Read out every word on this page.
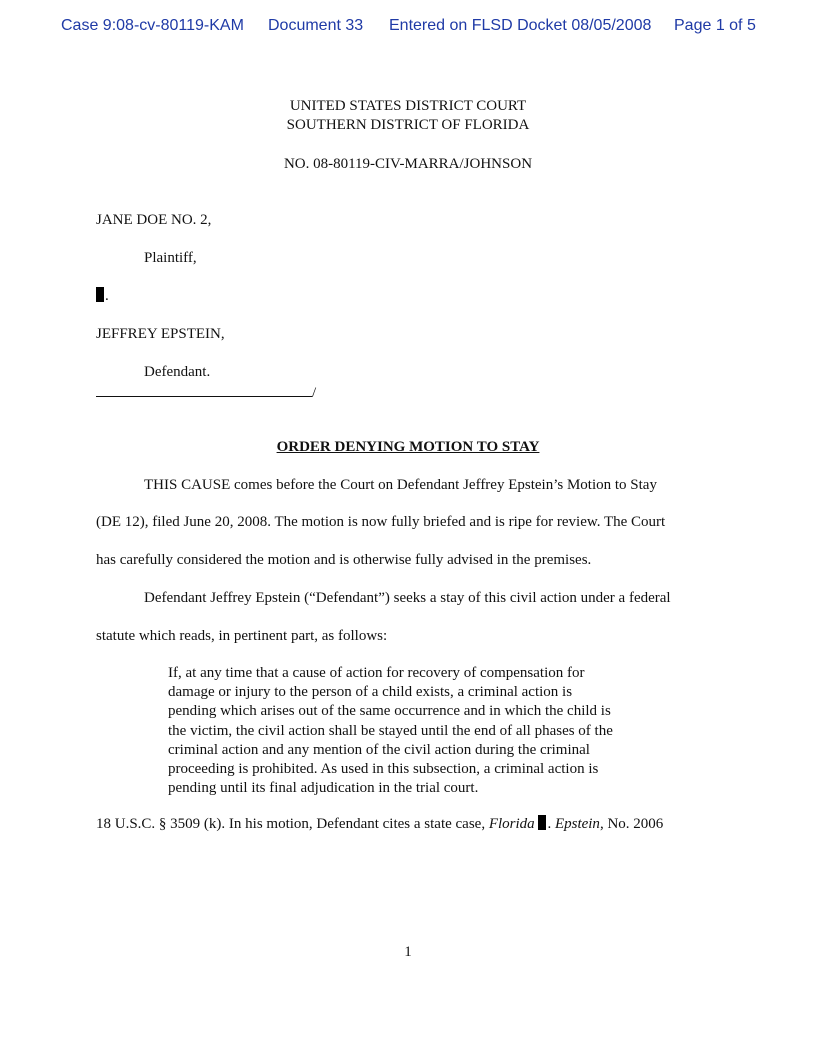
Case 9:08-cv-80119-KAM Document 33 Entered on FLSD Docket 08/05/2008 Page 1 of 5
UNITED STATES DISTRICT COURT
SOUTHERN DISTRICT OF FLORIDA
NO. 08-80119-CIV-MARRA/JOHNSON
JANE DOE NO. 2,
Plaintiff,
.
JEFFREY EPSTEIN,
Defendant.
/
ORDER DENYING MOTION TO STAY
THIS CAUSE comes before the Court on Defendant Jeffrey Epstein’s Motion to Stay
(DE 12), filed June 20, 2008. The motion is now fully briefed and is ripe for review. The Court
has carefully considered the motion and is otherwise fully advised in the premises.
Defendant Jeffrey Epstein (“Defendant”) seeks a stay of this civil action under a federal
statute which reads, in pertinent part, as follows:
If, at any time that a cause of action for recovery of compensation for
damage or injury to the person of a child exists, a criminal action is
pending which arises out of the same occurrence and in which the child is
the victim, the civil action shall be stayed until the end of all phases of the
criminal action and any mention of the civil action during the criminal
proceeding is prohibited. As used in this subsection, a criminal action is
pending until its final adjudication in the trial court.
18 U.S.C. § 3509 (k). In his motion, Defendant cites a state case, Florida . Epstein, No. 2006
1
